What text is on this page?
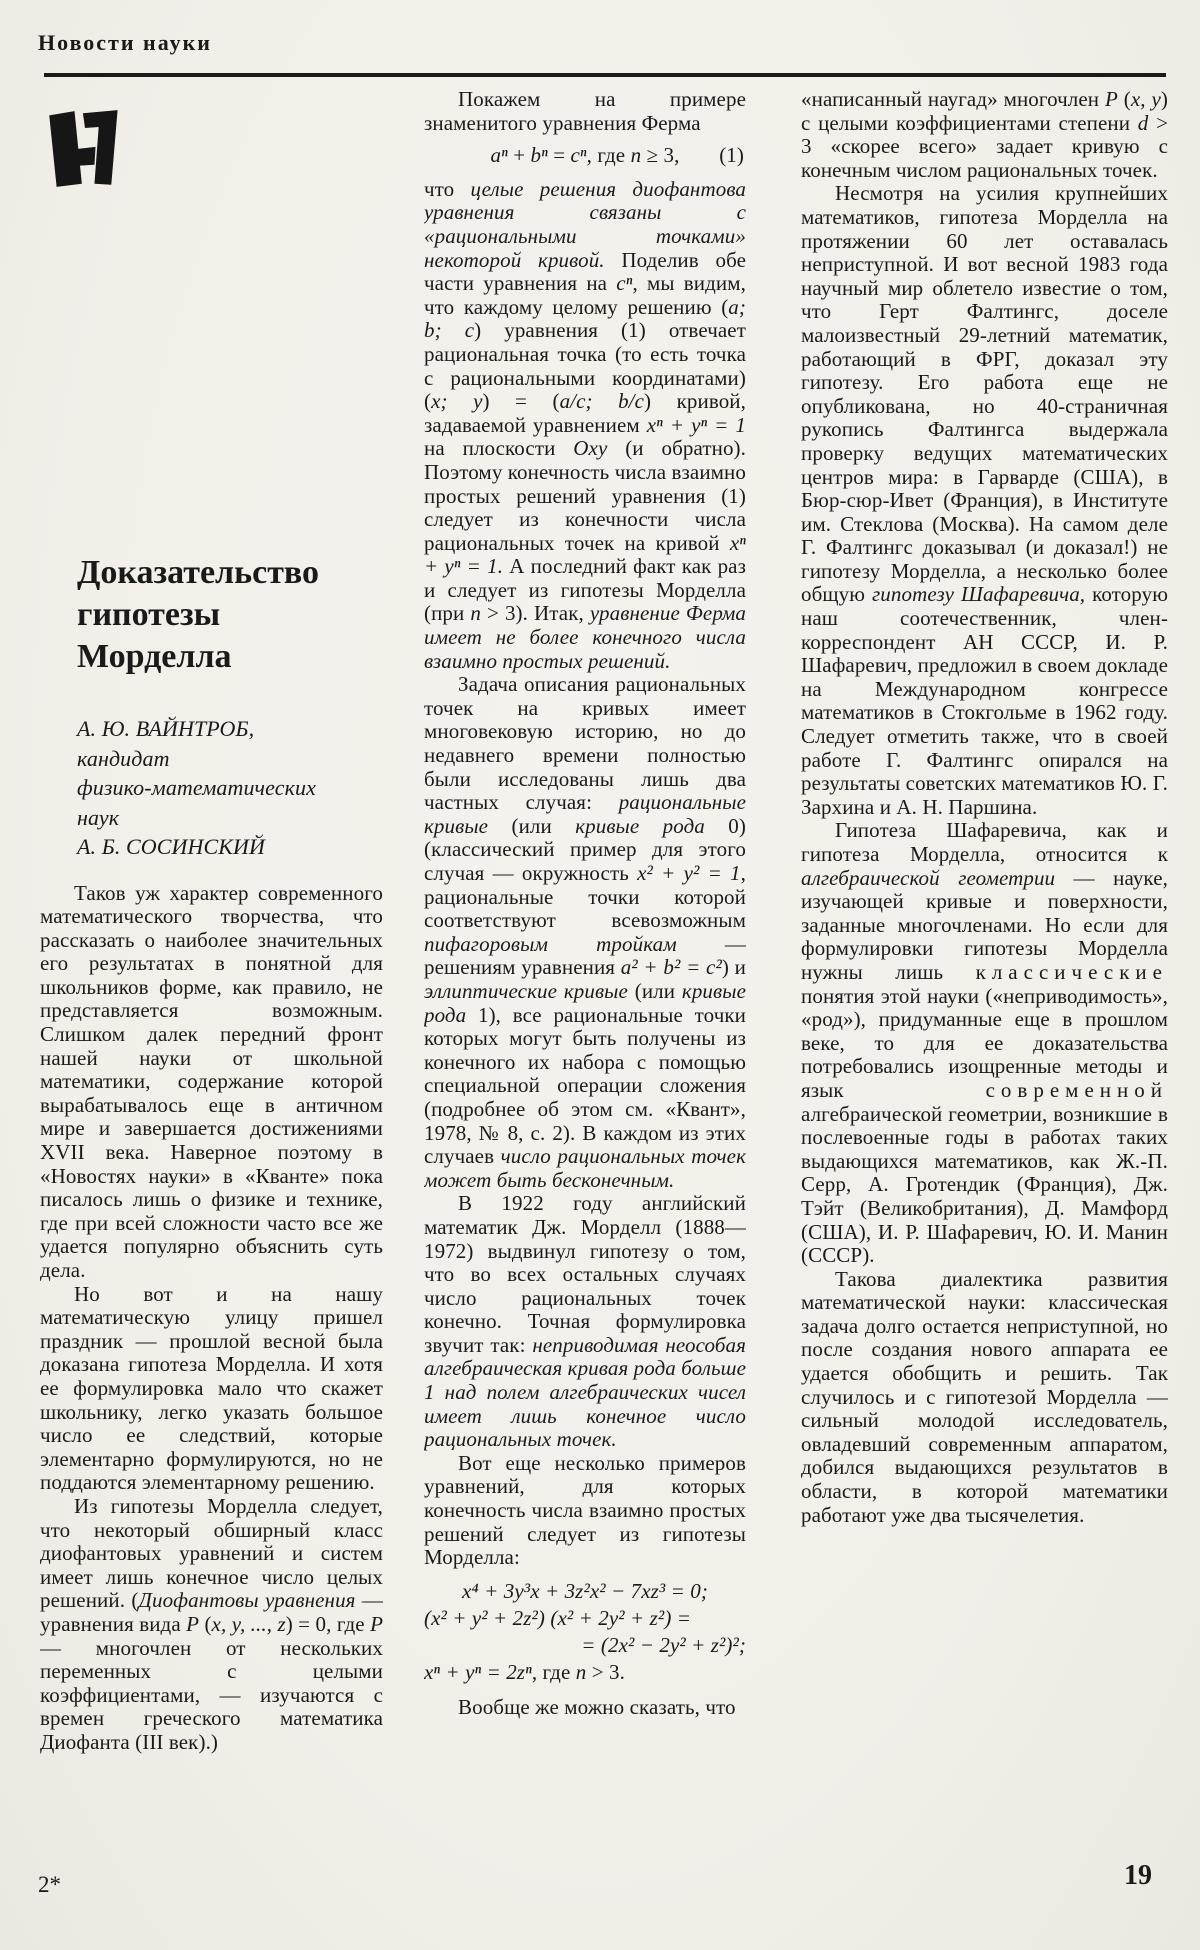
Новости науки
Доказательство
гипотезы
Морделла
А. Ю. ВАЙНТРОБ,
кандидат
физико-математических
наук
А. Б. СОСИНСКИЙ

Таков уж характер современного математического творчества, что рассказать о наиболее значительных его результатах в понятной для школьников форме, как правило, не представляется возможным. Слишком далек передний фронт нашей науки от школьной математики, содержание которой вырабатывалось еще в античном мире и завершается достижениями XVII века. Наверное поэтому в «Новостях науки» в «Кванте» пока писалось лишь о физике и технике, где при всей сложности часто все же удается популярно объяснить суть дела.

Но вот и на нашу математическую улицу пришел праздник — прошлой весной была доказана гипотеза Морделла. И хотя ее формулировка мало что скажет школьнику, легко указать большое число ее следствий, которые элементарно формулируются, но не поддаются элементарному решению.

Из гипотезы Морделла следует, что некоторый обширный класс диофантовых уравнений и систем имеет лишь конечное число целых решений. (Диофантовы уравнения — уравнения вида P (x, y, ..., z) = 0, где P — многочлен от нескольких переменных с целыми коэффициентами, — изучаются с времен греческого математика Диофанта (III век).)

Покажем на примере знаменитого уравнения Ферма

aⁿ + bⁿ = cⁿ, где n ≥ 3, (1)

что целые решения диофантова уравнения связаны с «рациональными точками» некоторой кривой. Поделив обе части уравнения на cⁿ, мы видим, что каждому целому решению (a; b; c) уравнения (1) отвечает рациональная точка (то есть точка с рациональными координатами) (x; y) = (a/c; b/c) кривой, задаваемой уравнением xⁿ + yⁿ = 1 на плоскости Oxy (и обратно). Поэтому конечность числа взаимно простых решений уравнения (1) следует из конечности числа рациональных точек на кривой xⁿ + yⁿ = 1. А последний факт как раз и следует из гипотезы Морделла (при n > 3). Итак, уравнение Ферма имеет не более конечного числа взаимно простых решений.

Задача описания рациональных точек на кривых имеет многовековую историю, но до недавнего времени полностью были исследованы лишь два частных случая: рациональные кривые (или кривые рода 0) (классический пример для этого случая — окружность x² + y² = 1, рациональные точки которой соответствуют всевозможным пифагоровым тройкам — решениям уравнения a² + b² = c²) и эллиптические кривые (или кривые рода 1), все рациональные точки которых могут быть получены из конечного их набора с помощью специальной операции сложения (подробнее об этом см. «Квант», 1978, № 8, с. 2). В каждом из этих случаев число рациональных точек может быть бесконечным.

В 1922 году английский математик Дж. Морделл (1888—1972) выдвинул гипотезу о том, что во всех остальных случаях число рациональных точек конечно. Точная формулировка звучит так: неприводимая неособая алгебраическая кривая рода больше 1 над полем алгебраических чисел имеет лишь конечное число рациональных точек.

Вот еще несколько примеров уравнений, для которых конечность числа взаимно простых решений следует из гипотезы Морделла:

x⁴ + 3y³x + 3z²x² − 7xz³ = 0;
(x² + y² + 2z²) (x² + 2y² + z²) =
= (2x² − 2y² + z²)²;
xⁿ + yⁿ = 2zⁿ, где n > 3.

Вообще же можно сказать, что

«написанный наугад» многочлен P (x, y) с целыми коэффициентами степени d > 3 «скорее всего» задает кривую с конечным числом рациональных точек.

Несмотря на усилия крупнейших математиков, гипотеза Морделла на протяжении 60 лет оставалась неприступной. И вот весной 1983 года научный мир облетело известие о том, что Герт Фалтингс, доселе малоизвестный 29-летний математик, работающий в ФРГ, доказал эту гипотезу. Его работа еще не опубликована, но 40-страничная рукопись Фалтингса выдержала проверку ведущих математических центров мира: в Гарварде (США), в Бюр-сюр-Ивет (Франция), в Институте им. Стеклова (Москва). На самом деле Г. Фалтингс доказывал (и доказал!) не гипотезу Морделла, а несколько более общую гипотезу Шафаревича, которую наш соотечественник, член-корреспондент АН СССР, И. Р. Шафаревич, предложил в своем докладе на Международном конгрессе математиков в Стокгольме в 1962 году. Следует отметить также, что в своей работе Г. Фалтингс опирался на результаты советских математиков Ю. Г. Зархина и А. Н. Паршина.

Гипотеза Шафаревича, как и гипотеза Морделла, относится к алгебраической геометрии — науке, изучающей кривые и поверхности, заданные многочленами. Но если для формулировки гипотезы Морделла нужны лишь классические понятия этой науки («неприводимость», «род»), придуманные еще в прошлом веке, то для ее доказательства потребовались изощренные методы и язык современной алгебраической геометрии, возникшие в послевоенные годы в работах таких выдающихся математиков, как Ж.-П. Серр, А. Гротендик (Франция), Дж. Тэйт (Великобритания), Д. Мамфорд (США), И. Р. Шафаревич, Ю. И. Манин (СССР).

Такова диалектика развития математической науки: классическая задача долго остается неприступной, но после создания нового аппарата ее удается обобщить и решить. Так случилось и с гипотезой Морделла — сильный молодой исследователь, овладевший современным аппаратом, добился выдающихся результатов в области, в которой математики работают уже два тысячелетия.

2*	19
